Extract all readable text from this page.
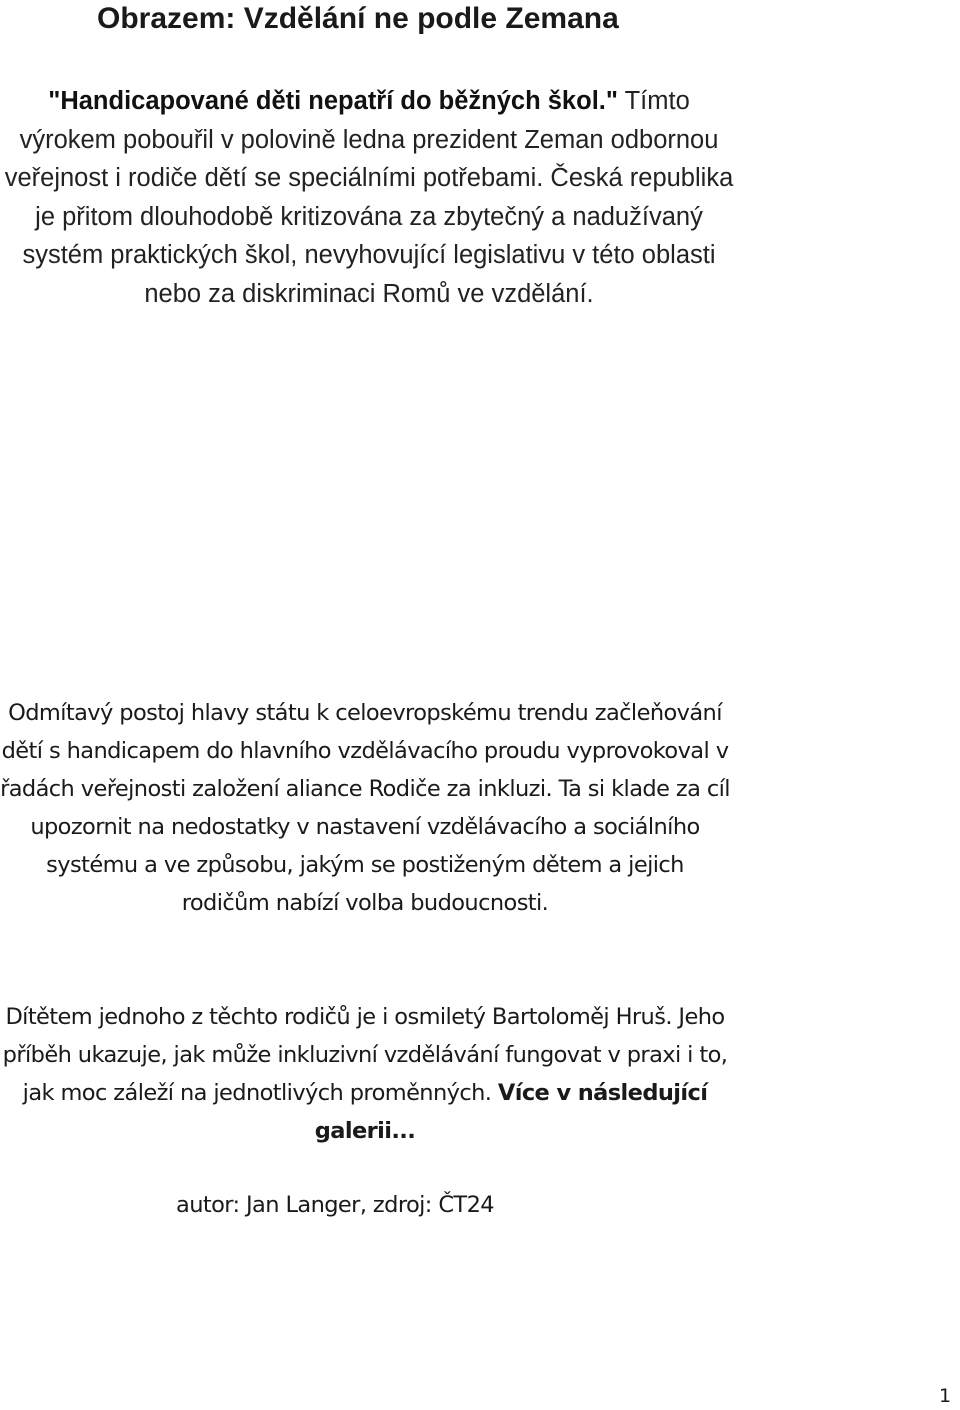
Obrazem: Vzdělání ne podle Zemana

"Handicapované děti nepatří do běžných škol." Tímto výrokem pobouřil v polovině ledna prezident Zeman odbornou veřejnost i rodiče dětí se speciálními potřebami. Česká republika je přitom dlouhodobě kritizována za zbytečný a nadužívaný systém praktických škol, nevyhovující legislativu v této oblasti nebo za diskriminaci Romů ve vzdělání.

Odmítavý postoj hlavy státu k celoevropskému trendu začleňování dětí s handicapem do hlavního vzdělávacího proudu vyprovokoval v řadách veřejnosti založení aliance Rodiče za inkluzi. Ta si klade za cíl upozornit na nedostatky v nastavení vzdělávacího a sociálního systému a ve způsobu, jakým se postiženým dětem a jejich rodičům nabízí volba budoucnosti.

Dítětem jednoho z těchto rodičů je i osmiletý Bartoloměj Hruš. Jeho příběh ukazuje, jak může inkluzivní vzdělávání fungovat v praxi i to, jak moc záleží na jednotlivých proměnných. Více v následující galerii...

autor: Jan Langer, zdroj: ČT24

1
